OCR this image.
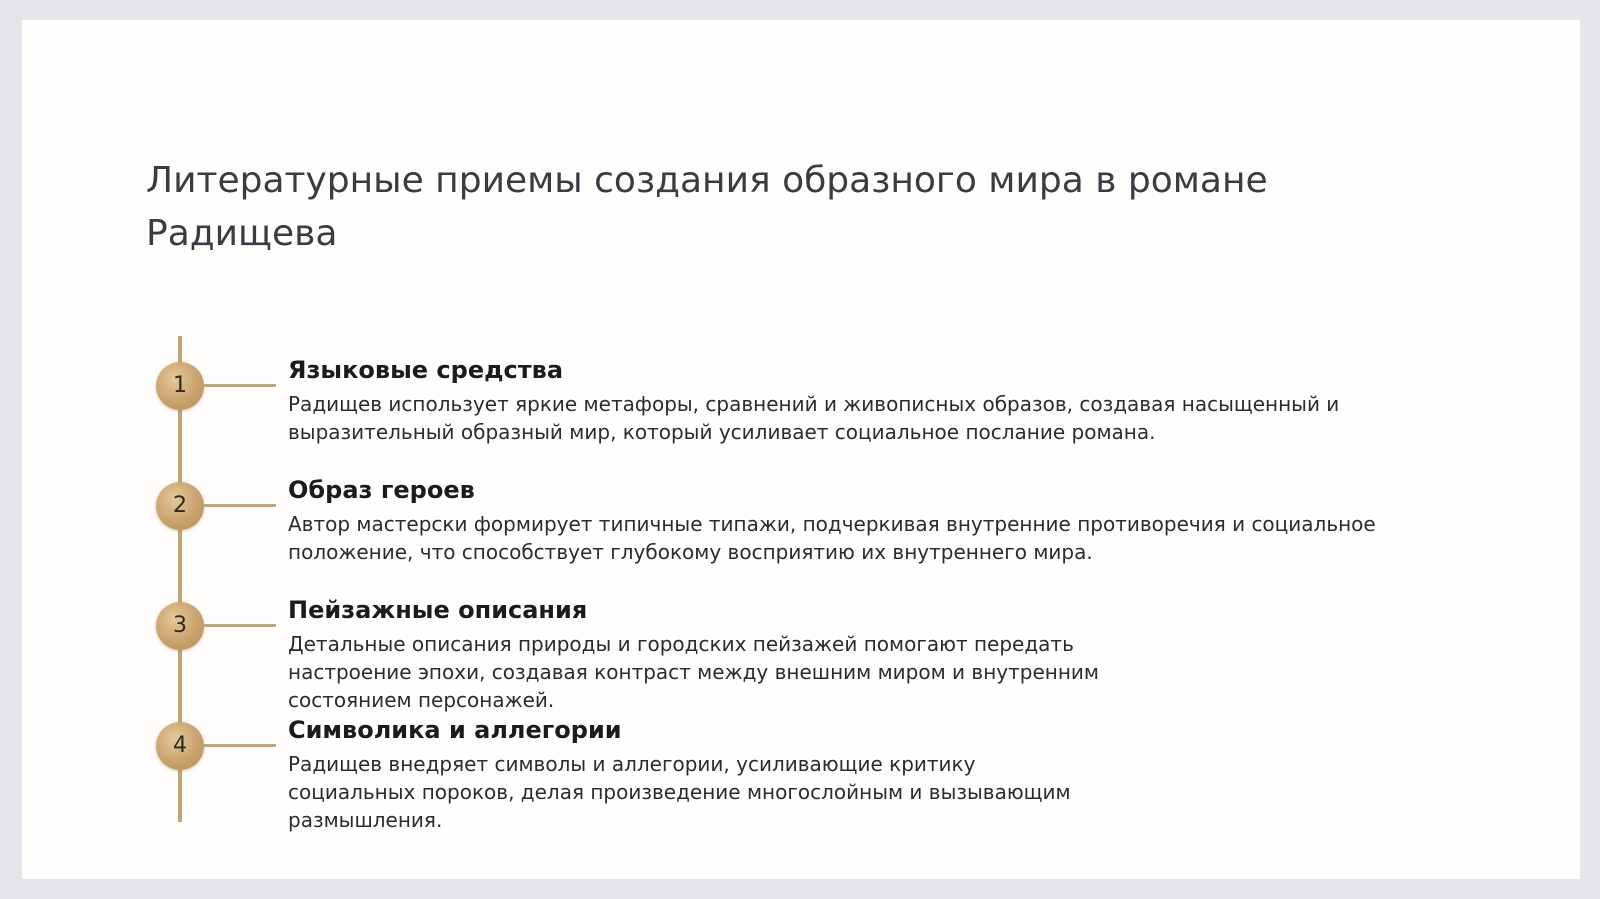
Литературные приемы создания образного мира в романе Радищева
1
Языковые средства

Радищев использует яркие метафоры, сравнений и живописных образов, создавая насыщенный и выразительный образный мир, который усиливает социальное послание романа.

2
Образ героев

Автор мастерски формирует типичные типажи, подчеркивая внутренние противоречия и социальное положение, что способствует глубокому восприятию их внутреннего мира.

3
Пейзажные описания

Детальные описания природы и городских пейзажей помогают передать настроение эпохи, создавая контраст между внешним миром и внутренним состоянием персонажей.

4
Символика и аллегории

Радищев внедряет символы и аллегории, усиливающие критику социальных пороков, делая произведение многослойным и вызывающим размышления.
